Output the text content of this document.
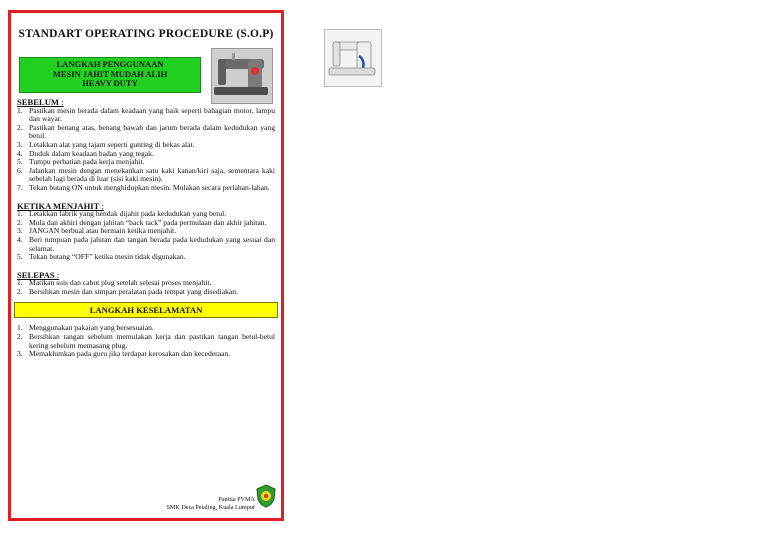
STANDART OPERATING PROCEDURE (S.O.P)
LANGKAH PENGGUNAAN
MESIN JAHIT MUDAH ALIH
HEAVY DUTY
SEBELUM :
1. Pastikan mesin berada dalam keadaan yang baik seperti bahagian motor, lampu dan wayar.
2. Pastikan benang atas, benang bawah dan jarum berada dalam kedudukan yang betul.
3. Letakkan alat yang tajam seperti gunting di bekas alat.
4. Duduk dalam keadaan badan yang tegak.
5. Tumpu perhatian pada kerja menjahit.
6. Jalankan mesin dengan menekankan satu kaki kanan/kiri saja, sementara kaki sebelah lagi berada di luar (sisi kaki mesin).
7. Tekan butang ON untuk menghidupkan mesin. Mulakan secara perlahan-lahan.
KETIKA MENJAHIT :
1. Letakkan fabrik yang hendak dijahit pada kedudukan yang betul.
2. Mula dan akhiri dengan jahitan “back tack” pada permulaan dan akhir jahitan.
3. JANGAN berbual atau bermain ketika menjahit.
4. Beri tumpuan pada jahitan dan tangan berada pada kedudukan yang sesuai dan selamat.
5. Tekan butang “OFF” ketika mesin tidak digunakan.
SELEPAS :
1. Matikan suis dan cabut plug setelah selesai proses menjahit.
2. Bersihkan mesin dan simpan peralatan pada tempat yang disediakan.
LANGKAH KESELAMATAN
1. Menggunakan pakaian yang bersesuaian.
2. Bersihkan tangan sebelum memulakan kerja dan pastikan tangan betul-betul kering sebelum memasang plug.
3. Memaklumkan pada guru jika terdapat kerosakan dan kecederaan.
Panitia PVMA
SMK Desa Petaling, Kuala Lumpur
